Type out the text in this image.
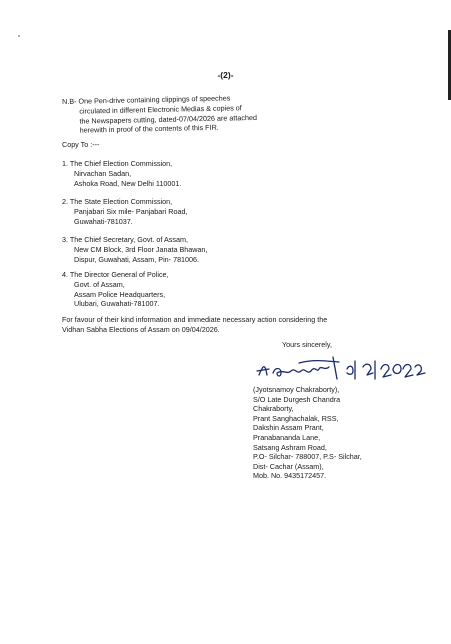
-(2)-
N.B- One Pen-drive containing clippings of speeches
circulated in different Electronic Medias & copies of
the Newspapers cutting, dated-07/04/2026 are attached
herewith in proof of the contents of this FIR.
Copy To :---
1. The Chief Election Commission,
Nirvachan Sadan,
Ashoka Road, New Delhi 110001.
2. The State Election Commission,
Panjabari Six mile- Panjabari Road,
Guwahati-781037.
3. The Chief Secretary, Govt. of Assam,
New CM Block, 3rd Floor Janata Bhawan,
Dispur, Guwahati, Assam, Pin- 781006.
4. The Director General of Police,
Govt. of Assam,
Assam Police Headquarters,
Ulubari, Guwahati-781007.
For favour of their kind information and immediate necessary action considering the
Vidhan Sabha Elections of Assam on 09/04/2026.
Yours sincerely,
(Jyotsnamoy Chakraborty),
S/O Late Durgesh Chandra
Chakraborty,
Prant Sanghachalak, RSS,
Dakshin Assam Prant,
Pranabananda Lane,
Satsang Ashram Road,
P.O- Silchar- 788007, P.S- Silchar,
Dist- Cachar (Assam),
Mob. No. 9435172457.
